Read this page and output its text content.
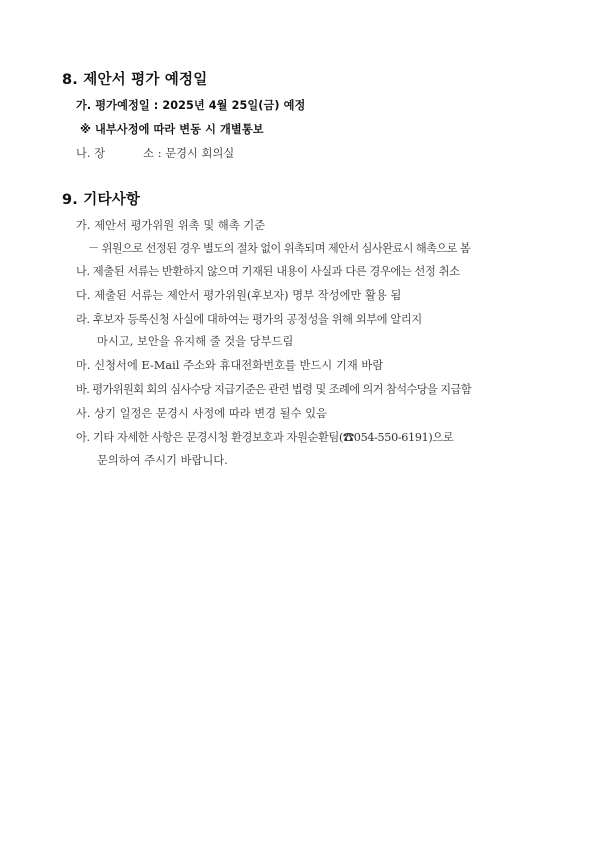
8. 제안서 평가 예정일
가. 평가예정일 : 2025년 4월 25일(금) 예정
※ 내부사정에 따라 변동 시 개별통보
나. 장	소 : 문경시 회의실
9. 기타사항
가. 제안서 평가위원 위촉 및 해촉 기준
－ 위원으로 선정된 경우 별도의 절차 없이 위촉되며 제안서 심사완료시 해촉으로 봄
나. 제출된 서류는 반환하지 않으며 기재된 내용이 사실과 다른 경우에는 선정 취소
다. 제출된 서류는 제안서 평가위원(후보자) 명부 작성에만 활용 됨
라. 후보자 등록신청 사실에 대하여는 평가의 공정성을 위해 외부에 알리지
마시고, 보안을 유지해 줄 것을 당부드림
마. 신청서에 E-Mail 주소와 휴대전화번호를 반드시 기재 바람
바. 평가위원회 회의 심사수당 지급기준은 관련 법령 및 조례에 의거 참석수당을 지급함
사. 상기 일정은 문경시 사정에 따라 변경 될수 있음
아. 기타 자세한 사항은 문경시청 환경보호과 자원순환팀(☎054-550-6191)으로
문의하여 주시기 바랍니다.
